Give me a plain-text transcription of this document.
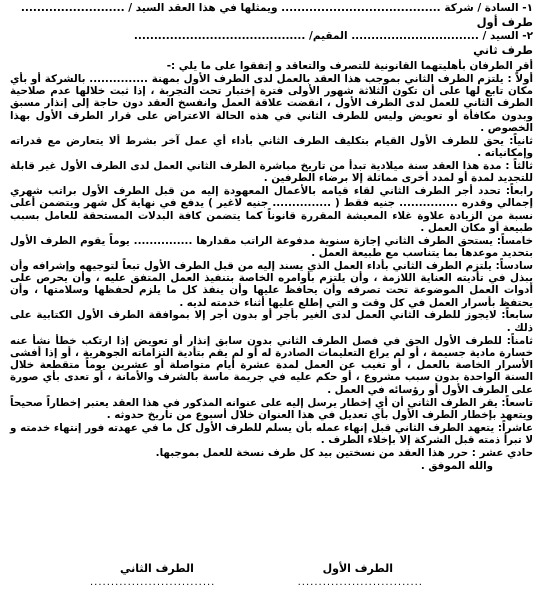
١- السادة / شركة ........................................ ويمثلها في هذا العقد السيد / ..........................
طرف أول
٢- السيد / ................................ المقيم/ ...........................................
طرف ثاني

أقر الطرفان بأهليتهما القانونية للتصرف والتعاقد و إتفقوا على ما يلي :-

أولاً : يلتزم الطرف الثاني بموجب هذا العقد بالعمل لدى الطرف الأول بمهنة ............... بالشركة أو بأي مكان تابع لها على أن تكون الثلاثة شهور الأولى فترة إختبار تحت التجربة ، إذا ثبت خلالها عدم صلاحية الطرف الثاني للعمل لدى الطرف الأول ، انقضت علاقة العمل وانفسخ العقد دون حاجة إلى إنذار مسبق وبدون مكافأة أو تعويض وليس للطرف الثاني في هذه الحالة الاعتراض على قرار الطرف الأول بهذا الخصوص .

ثانياً: يحق للطرف الأول القيام بتكليف الطرف الثاني بأداء أي عمل آخر بشرط ألا يتعارض مع قدراته وإمكانياته .

ثالثاً : مدة هذا العقد سنة ميلادية تبدأ من تاريخ مباشرة الطرف الثاني العمل لدى الطرف الأول غير قابلة للتجديد لمدة أو لمدد أخرى مماثلة إلا برضاء الطرفين .

رابعاً: تحدد أجر الطرف الثاني لقاء قيامه بالأعمال المعهودة إليه من قبل الطرف الأول براتب شهري إجمالي وقدره ............... جنيه فقط ( ............... جنيه لاغير ) يدفع في نهاية كل شهر ويتضمن أعلى نسبة من الزيادة علاوة غلاء المعيشة المقررة قانوناً كما يتضمن كافة البدلات المستحقة للعامل بسبب طبيعة أو مكان العمل .

خامساً: يستحق الطرف الثاني إجازة سنوية مدفوعة الراتب مقدارها ............... يوماً يقوم الطرف الأول بتحديد موعدها بما يتناسب مع طبيعة العمل .

سادساً: يلتزم الطرف الثاني بأداء العمل الذي يسند إليه من قبل الطرف الأول تبعاً لتوجيهه وإشرافه وأن يبذل في تأديته العناية اللازمة ، وأن يلتزم بأوامره الخاصة بتنفيذ العمل المتفق عليه ، وأن يحرص على أدوات العمل الموضوعة تحت تصرفه وأن يحافظ عليها وأن ينفذ كل ما يلزم لحفظها وسلامتها ، وأن يحتفظ بأسرار العمل في كل وقت و التي إطلع عليها أثناء خدمته لديه .

سابعاً: لايجوز للطرف الثاني العمل لدى الغير بأجر أو بدون أجر إلا بموافقة الطرف الأول الكتابية على ذلك .

ثامناً: للطرف الأول الحق في فصل الطرف الثاني بدون سابق إنذار أو تعويض إذا ارتكب خطأ نشأ عنه خسارة مادية جسيمة ، أو لم يراع التعليمات الصادرة له أو لم يقم بتأدية التزاماته الجوهرية ، أو إذا أفشى الأسرار الخاصة بالعمل ، أو تغيب عن العمل لمدة عشرة أيام متواصلة أو عشرين يوماً متقطعة خلال السنة الواحدة بدون سبب مشروع ، أو حكم عليه في جريمة ماسة بالشرف والأمانة ، أو تعدى بأي صورة على الطرف الأول أو رؤسائه في العمل .

تاسعاً: يقر الطرف الثاني أن أي إخطار يرسل إليه على عنوانه المذكور في هذا العقد يعتبر إخطاراً صحيحاً ويتعهد بإخطار الطرف الأول بأي تعديل في هذا العنوان خلال أسبوع من تاريخ حدوثه .

عاشراً: يتعهد الطرف الثاني قبل إنهاء عمله بأن يسلم للطرف الأول كل ما في عهدته فور إنتهاء خدمته و لا تبرأ ذمته قبل الشركة إلا بإخلاء الطرف .

حادي عشر : حرر هذا العقد من نسختين بيد كل طرف نسخة للعمل بموجبها.

والله الموفق .

الطرف الأول
الطرف الثاني
..............................
..............................
